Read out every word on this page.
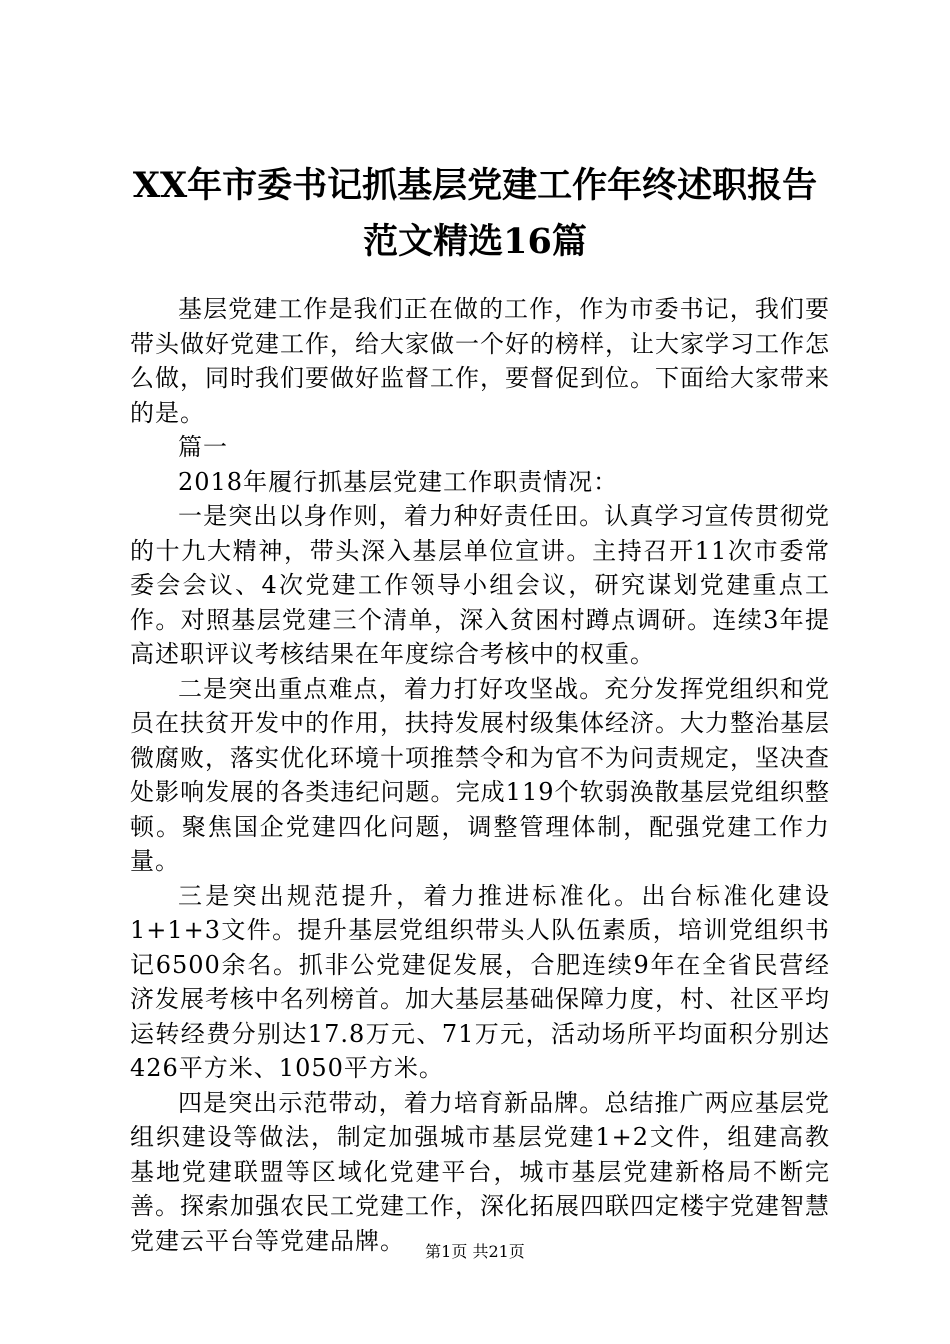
XX年市委书记抓基层党建工作年终述职报告
范文精选16篇

基层党建工作是我们正在做的工作，作为市委书记，我们要带头做好党建工作，给大家做一个好的榜样，让大家学习工作怎么做，同时我们要做好监督工作，要督促到位。下面给大家带来的是。

篇一

2018年履行抓基层党建工作职责情况：

一是突出以身作则，着力种好责任田。认真学习宣传贯彻党的十九大精神，带头深入基层单位宣讲。主持召开11次市委常委会会议、4次党建工作领导小组会议，研究谋划党建重点工作。对照基层党建三个清单，深入贫困村蹲点调研。连续3年提高述职评议考核结果在年度综合考核中的权重。

二是突出重点难点，着力打好攻坚战。充分发挥党组织和党员在扶贫开发中的作用，扶持发展村级集体经济。大力整治基层微腐败，落实优化环境十项推禁令和为官不为问责规定，坚决查处影响发展的各类违纪问题。完成119个软弱涣散基层党组织整顿。聚焦国企党建四化问题，调整管理体制，配强党建工作力量。

三是突出规范提升，着力推进标准化。出台标准化建设1+1+3文件。提升基层党组织带头人队伍素质，培训党组织书记6500余名。抓非公党建促发展，合肥连续9年在全省民营经济发展考核中名列榜首。加大基层基础保障力度，村、社区平均运转经费分别达17.8万元、71万元，活动场所平均面积分别达426平方米、1050平方米。

四是突出示范带动，着力培育新品牌。总结推广两应基层党组织建设等做法，制定加强城市基层党建1+2文件，组建高教基地党建联盟等区域化党建平台，城市基层党建新格局不断完善。探索加强农民工党建工作，深化拓展四联四定楼宇党建智慧党建云平台等党建品牌。	第1页 共21页
